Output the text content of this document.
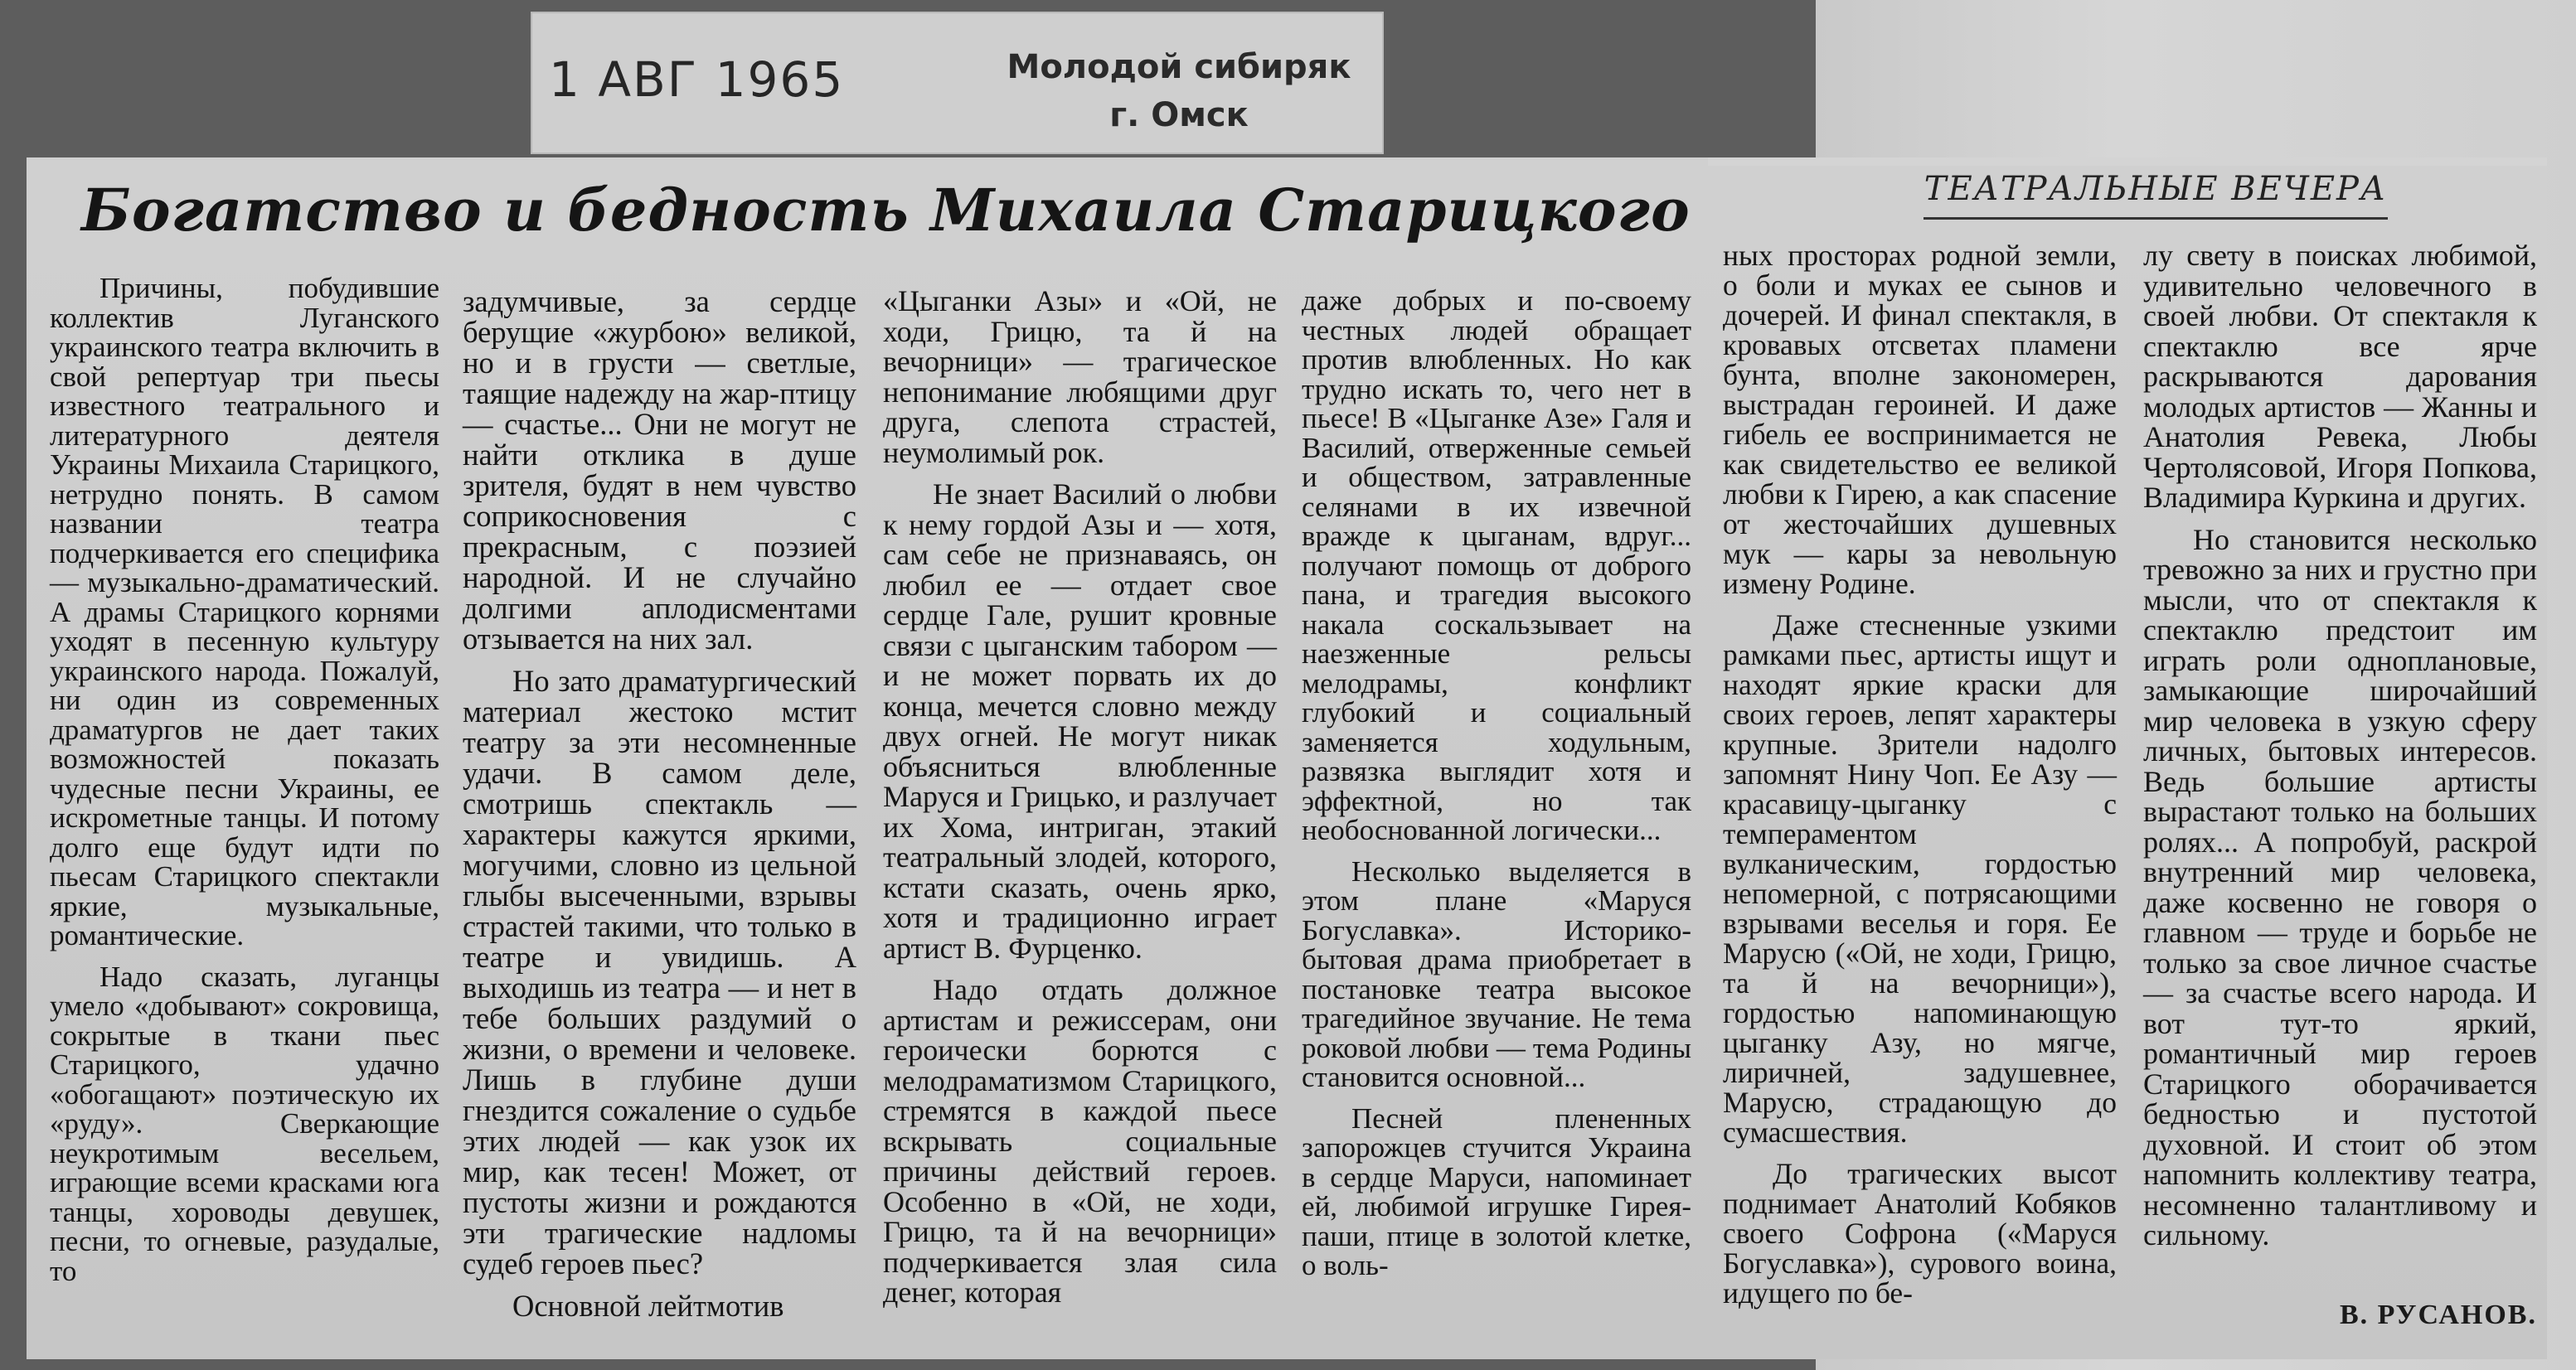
1 АВГ 1965	Молодой сибиряк
г. Омск
Богатство и бедность Михаила Старицкого	ТЕАТРАЛЬНЫЕ ВЕЧЕРА

Причины, побудившие коллектив Луганского украинского театра включить в свой репертуар три пьесы известного театрального и литературного деятеля Украины Михаила Старицкого, нетрудно понять. В самом названии театра подчеркивается его специфика — музыкально-драматический. А драмы Старицкого корнями уходят в песенную культуру украинского народа. Пожалуй, ни один из современных драматургов не дает таких возможностей показать чудесные песни Украины, ее искрометные танцы. И потому долго еще будут идти по пьесам Старицкого спектакли яркие, музыкальные, романтические.

Надо сказать, луганцы умело «добывают» сокровища, сокрытые в ткани пьес Старицкого, удачно «обогащают» поэтическую их «руду». Сверкающие неукротимым весельем, играющие всеми красками юга танцы, хороводы девушек, песни, то огневые, разудалые, то

задумчивые, за сердце берущие «журбою» великой, но и в грусти — светлые, таящие надежду на жар-птицу — счастье... Они не могут не найти отклика в душе зрителя, будят в нем чувство соприкосновения с прекрасным, с поэзией народной. И не случайно долгими аплодисментами отзывается на них зал.

Но зато драматургический материал жестоко мстит театру за эти несомненные удачи. В самом деле, смотришь спектакль — характеры кажутся яркими, могучими, словно из цельной глыбы высеченными, взрывы страстей такими, что только в театре и увидишь. А выходишь из театра — и нет в тебе больших раздумий о жизни, о времени и человеке. Лишь в глубине души гнездится сожаление о судьбе этих людей — как узок их мир, как тесен! Может, от пустоты жизни и рождаются эти трагические надломы судеб героев пьес?

Основной лейтмотив

«Цыганки Азы» и «Ой, не ходи, Грицю, та й на вечорници» — трагическое непонимание любящими друг друга, слепота страстей, неумолимый рок.

Не знает Василий о любви к нему гордой Азы и — хотя, сам себе не признаваясь, он любил ее — отдает свое сердце Гале, рушит кровные связи с цыганским табором — и не может порвать их до конца, мечется словно между двух огней. Не могут никак объясниться влюбленные Маруся и Грицько, и разлучает их Хома, интриган, этакий театральный злодей, которого, кстати сказать, очень ярко, хотя и традиционно играет артист В. Фурценко.

Надо отдать должное артистам и режиссерам, они героически борются с мелодраматизмом Старицкого, стремятся в каждой пьесе вскрывать социальные причины действий героев. Особенно в «Ой, не ходи, Грицю, та й на вечорници» подчеркивается злая сила денег, которая

даже добрых и по-своему честных людей обращает против влюбленных. Но как трудно искать то, чего нет в пьесе! В «Цыганке Азе» Галя и Василий, отверженные семьей и обществом, затравленные селянами в их извечной вражде к цыганам, вдруг... получают помощь от доброго пана, и трагедия высокого накала соскальзывает на наезженные рельсы мелодрамы, конфликт глубокий и социальный заменяется ходульным, развязка выглядит хотя и эффектной, но так необоснованной логически...

Несколько выделяется в этом плане «Маруся Богуславка». Историко-бытовая драма приобретает в постановке театра высокое трагедийное звучание. Не тема роковой любви — тема Родины становится основной...

Песней плененных запорожцев стучится Украина в сердце Маруси, напоминает ей, любимой игрушке Гирея-паши, птице в золотой клетке, о воль-

ных просторах родной земли, о боли и муках ее сынов и дочерей. И финал спектакля, в кровавых отсветах пламени бунта, вполне закономерен, выстрадан героиней. И даже гибель ее воспринимается не как свидетельство ее великой любви к Гирею, а как спасение от жесточайших душевных мук — кары за невольную измену Родине.

Даже стесненные узкими рамками пьес, артисты ищут и находят яркие краски для своих героев, лепят характеры крупные. Зрители надолго запомнят Нину Чоп. Ее Азу — красавицу-цыганку с темпераментом вулканическим, гордостью непомерной, с потрясающими взрывами веселья и горя. Ее Марусю («Ой, не ходи, Грицю, та й на вечорници»), гордостью напоминающую цыганку Азу, но мягче, лиричней, задушевнее, Марусю, страдающую до сумасшествия.

До трагических высот поднимает Анатолий Кобяков своего Софрона («Маруся Богуславка»), сурового воина, идущего по бе-

лу свету в поисках любимой, удивительно человечного в своей любви. От спектакля к спектаклю все ярче раскрываются дарования молодых артистов — Жанны и Анатолия Ревека, Любы Чертоляcовой, Игоря Попкова, Владимира Куркина и других.

Но становится несколько тревожно за них и грустно при мысли, что от спектакля к спектаклю предстоит им играть роли одноплановые, замыкающие широчайший мир человека в узкую сферу личных, бытовых интересов. Ведь большие артисты вырастают только на больших ролях... А попробуй, раскрой внутренний мир человека, даже косвенно не говоря о главном — труде и борьбе не только за свое личное счастье — за счастье всего народа. И вот тут-то яркий, романтичный мир героев Старицкого оборачивается бедностью и пустотой духовной. И стоит об этом напомнить коллективу театра, несомненно талантливому и сильному.

В. РУСАНОВ.
